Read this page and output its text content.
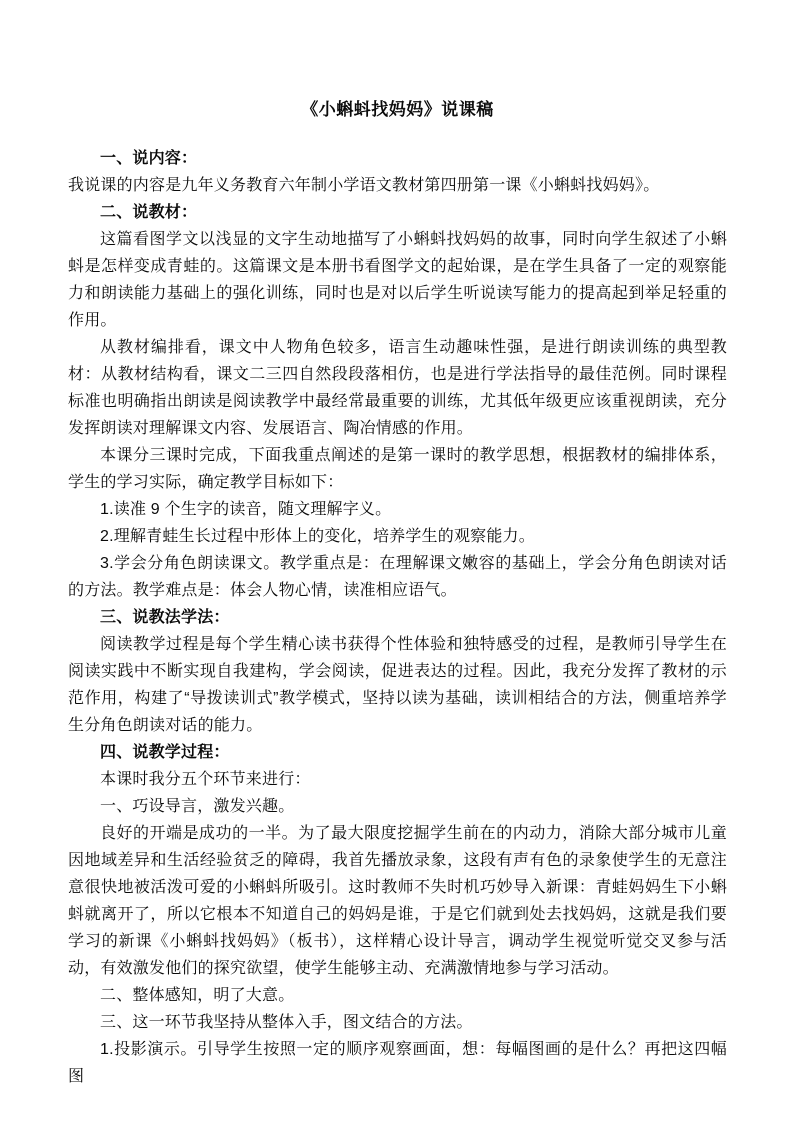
《小蝌蚪找妈妈》说课稿

一、说内容：

我说课的内容是九年义务教育六年制小学语文教材第四册第一课《小蝌蚪找妈妈》。

二、说教材：

这篇看图学文以浅显的文字生动地描写了小蝌蚪找妈妈的故事，同时向学生叙述了小蝌蚪是怎样变成青蛙的。这篇课文是本册书看图学文的起始课，是在学生具备了一定的观察能力和朗读能力基础上的强化训练，同时也是对以后学生听说读写能力的提高起到举足轻重的作用。

从教材编排看，课文中人物角色较多，语言生动趣味性强，是进行朗读训练的典型教材：从教材结构看，课文二三四自然段段落相仿，也是进行学法指导的最佳范例。同时课程标准也明确指出朗读是阅读教学中最经常最重要的训练，尤其低年级更应该重视朗读，充分发挥朗读对理解课文内容、发展语言、陶冶情感的作用。

本课分三课时完成，下面我重点阐述的是第一课时的教学思想，根据教材的编排体系，学生的学习实际，确定教学目标如下：

1.读准 9 个生字的读音，随文理解字义。

2.理解青蛙生长过程中形体上的变化，培养学生的观察能力。

3.学会分角色朗读课文。教学重点是：在理解课文嫩容的基础上，学会分角色朗读对话的方法。教学难点是：体会人物心情，读准相应语气。

三、说教法学法：

阅读教学过程是每个学生精心读书获得个性体验和独特感受的过程，是教师引导学生在阅读实践中不断实现自我建构，学会阅读，促进表达的过程。因此，我充分发挥了教材的示范作用，构建了“导拨读训式”教学模式，坚持以读为基础，读训相结合的方法，侧重培养学生分角色朗读对话的能力。

四、说教学过程：

本课时我分五个环节来进行：

一、巧设导言，激发兴趣。

良好的开端是成功的一半。为了最大限度挖掘学生前在的内动力，消除大部分城市儿童因地域差异和生活经验贫乏的障碍，我首先播放录象，这段有声有色的录象使学生的无意注意很快地被活泼可爱的小蝌蚪所吸引。这时教师不失时机巧妙导入新课：青蛙妈妈生下小蝌蚪就离开了，所以它根本不知道自己的妈妈是谁，于是它们就到处去找妈妈，这就是我们要学习的新课《小蝌蚪找妈妈》（板书），这样精心设计导言，调动学生视觉听觉交叉参与活动，有效激发他们的探究欲望，使学生能够主动、充满激情地参与学习活动。

二、整体感知，明了大意。

三、这一环节我坚持从整体入手，图文结合的方法。

1.投影演示。引导学生按照一定的顺序观察画面，想：每幅图画的是什么？再把这四幅图
